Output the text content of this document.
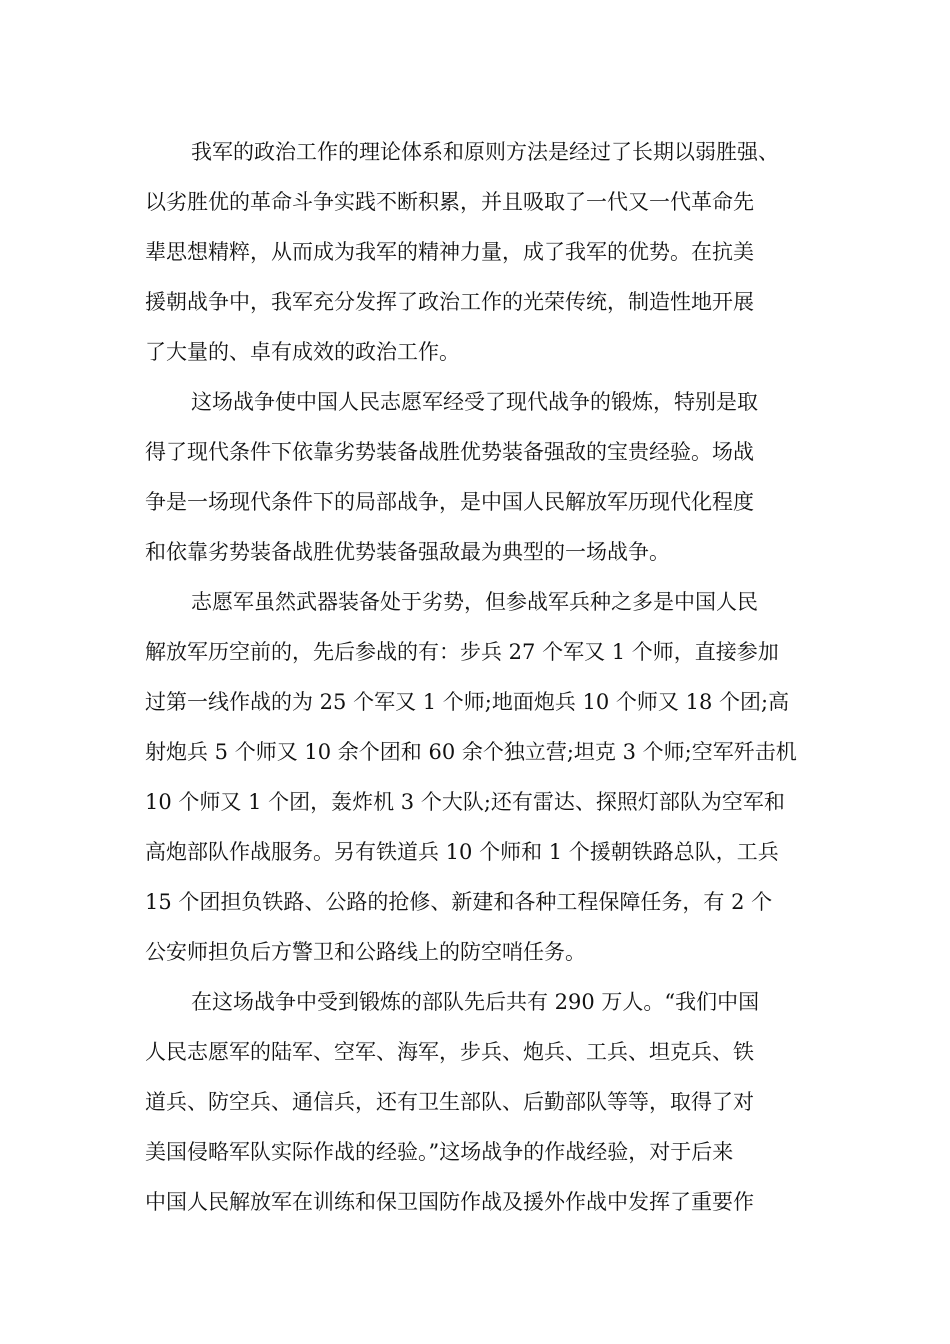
我军的政治工作的理论体系和原则方法是经过了长期以弱胜强、
以劣胜优的革命斗争实践不断积累，并且吸取了一代又一代革命先
辈思想精粹，从而成为我军的精神力量，成了我军的优势。在抗美
援朝战争中，我军充分发挥了政治工作的光荣传统，制造性地开展
了大量的、卓有成效的政治工作。
这场战争使中国人民志愿军经受了现代战争的锻炼，特别是取
得了现代条件下依靠劣势装备战胜优势装备强敌的宝贵经验。场战
争是一场现代条件下的局部战争，是中国人民解放军历现代化程度
和依靠劣势装备战胜优势装备强敌最为典型的一场战争。
志愿军虽然武器装备处于劣势，但参战军兵种之多是中国人民
解放军历空前的，先后参战的有：步兵 27 个军又 1 个师，直接参加
过第一线作战的为 25 个军又 1 个师;地面炮兵 10 个师又 18 个团;高
射炮兵 5 个师又 10 余个团和 60 余个独立营;坦克 3 个师;空军歼击机
10 个师又 1 个团，轰炸机 3 个大队;还有雷达、探照灯部队为空军和
高炮部队作战服务。另有铁道兵 10 个师和 1 个援朝铁路总队，工兵
15 个团担负铁路、公路的抢修、新建和各种工程保障任务，有 2 个
公安师担负后方警卫和公路线上的防空哨任务。
在这场战争中受到锻炼的部队先后共有 290 万人。“我们中国
人民志愿军的陆军、空军、海军，步兵、炮兵、工兵、坦克兵、铁
道兵、防空兵、通信兵，还有卫生部队、后勤部队等等，取得了对
美国侵略军队实际作战的经验。”这场战争的作战经验，对于后来
中国人民解放军在训练和保卫国防作战及援外作战中发挥了重要作
